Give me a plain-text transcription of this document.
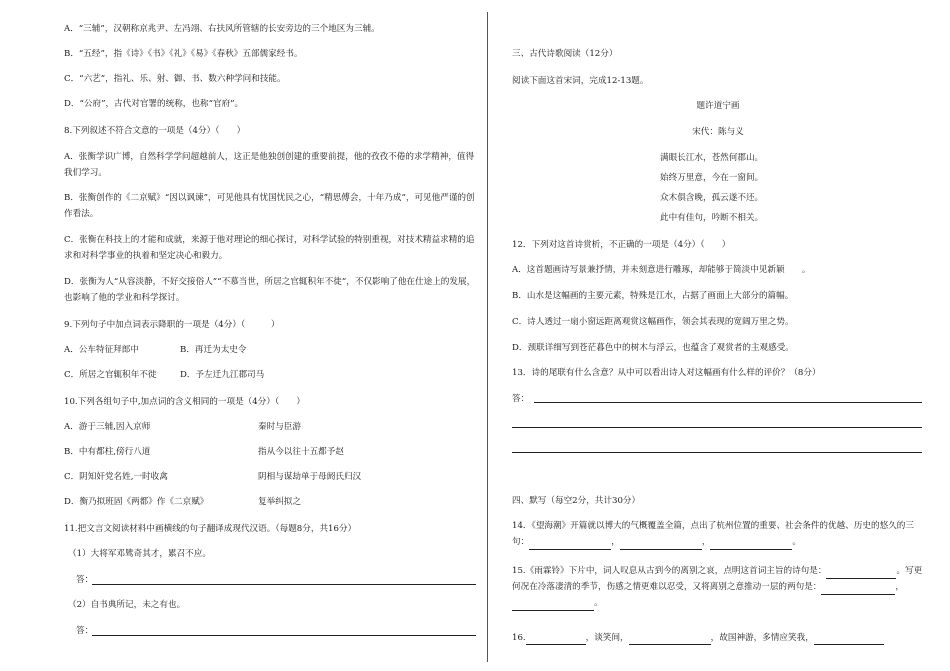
A．“三辅”，汉朝称京兆尹、左冯翊、右扶风所管辖的长安旁边的三个地区为三辅。
B．“五经”，指《诗》《书》《礼》《易》《春秋》五部儒家经书。
C．“六艺”，指礼、乐、射、御、书、数六种学问和技能。
D．“公府”，古代对官署的统称，也称“官府”。
8.下列叙述不符合文意的一项是（4分）（　　）
A．张衡学识广博，自然科学学问超越前人，这正是他独创创建的重要前提，他的孜孜不倦的求学精神，值得我们学习。
B．张衡创作的《二京赋》“因以讽谏”，可见他具有忧国忧民之心，“精思傅会，十年乃成”，可见他严谨的创作看法。
C．张衡在科技上的才能和成就，来源于他对理论的细心探讨，对科学试验的特别重视，对技术精益求精的追求和对科学事业的执着和坚定决心和毅力。
D．张衡为人“从容淡静，不好交接俗人”“不慕当世，所居之官辄积年不徙”，不仅影响了他在仕途上的发展，也影响了他的学业和科学探讨。
9.下列句子中加点词表示降职的一项是（4分）（　　　）
A．公车特征拜郎中	B．再迁为太史令
C．所居之官辄积年不徙	D．予左迁九江郡司马
10.下列各组句子中,加点词的含义相同的一项是（4分）（　　）
A．游于三辅,因入京师	秦时与臣游
B．中有都柱,傍行八道	指从今以往十五都予赵
C．阴知奸党名姓,一时收禽	阴相与谋劫单于母阏氏归汉
D．衡乃拟班固《两都》作《二京赋》	复举纠拟之
11.把文言文阅读材料中画横线的句子翻译成现代汉语。（每题8分，共16分）
（1）大将军邓骘奇其才，累召不应。
答：
（2）自书典所记，未之有也。
答：
三、古代诗歌阅读（12分）
阅读下面这首宋词，完成12-13题。
题许道宁画
宋代：陈与义
满眼长江水，苍然何郡山。
始终万里意，今在一窗间。
众木俱含晚，孤云遂不还。
此中有佳句，吟断不相关。
12．下列对这首诗赏析，不正确的一项是（4分）（　　）
A．这首题画诗写景兼抒情，并未刻意进行雕琢，却能够于简淡中见新颖　　。
B．山水是这幅画的主要元素，特殊是江水，占据了画面上大部分的篇幅。
C．诗人透过一扇小窗远距离观赏这幅画作，领会其表现的宽阔万里之势。
D．颈联详细写到苍茫暮色中的树木与浮云，也蕴含了观赏者的主观感受。
13．诗的尾联有什么含意？从中可以看出诗人对这幅画有什么样的评价？（8分）
答：
四、默写（每空2分，共计30分）
14．《望海潮》开篇就以博大的气概覆盖全篇，点出了杭州位置的重要、社会条件的优越、历史的悠久的三句：	，	，	。
15.《雨霖铃》下片中，词人叹息从古到今的离别之哀，点明这首词主旨的诗句是：	。写更何况在冷落凄清的季节，伤感之情更难以忍受，又将离别之意推动一层的两句是：	，
。
16.	，谈笑间，	，故国神游，多情应笑我，
